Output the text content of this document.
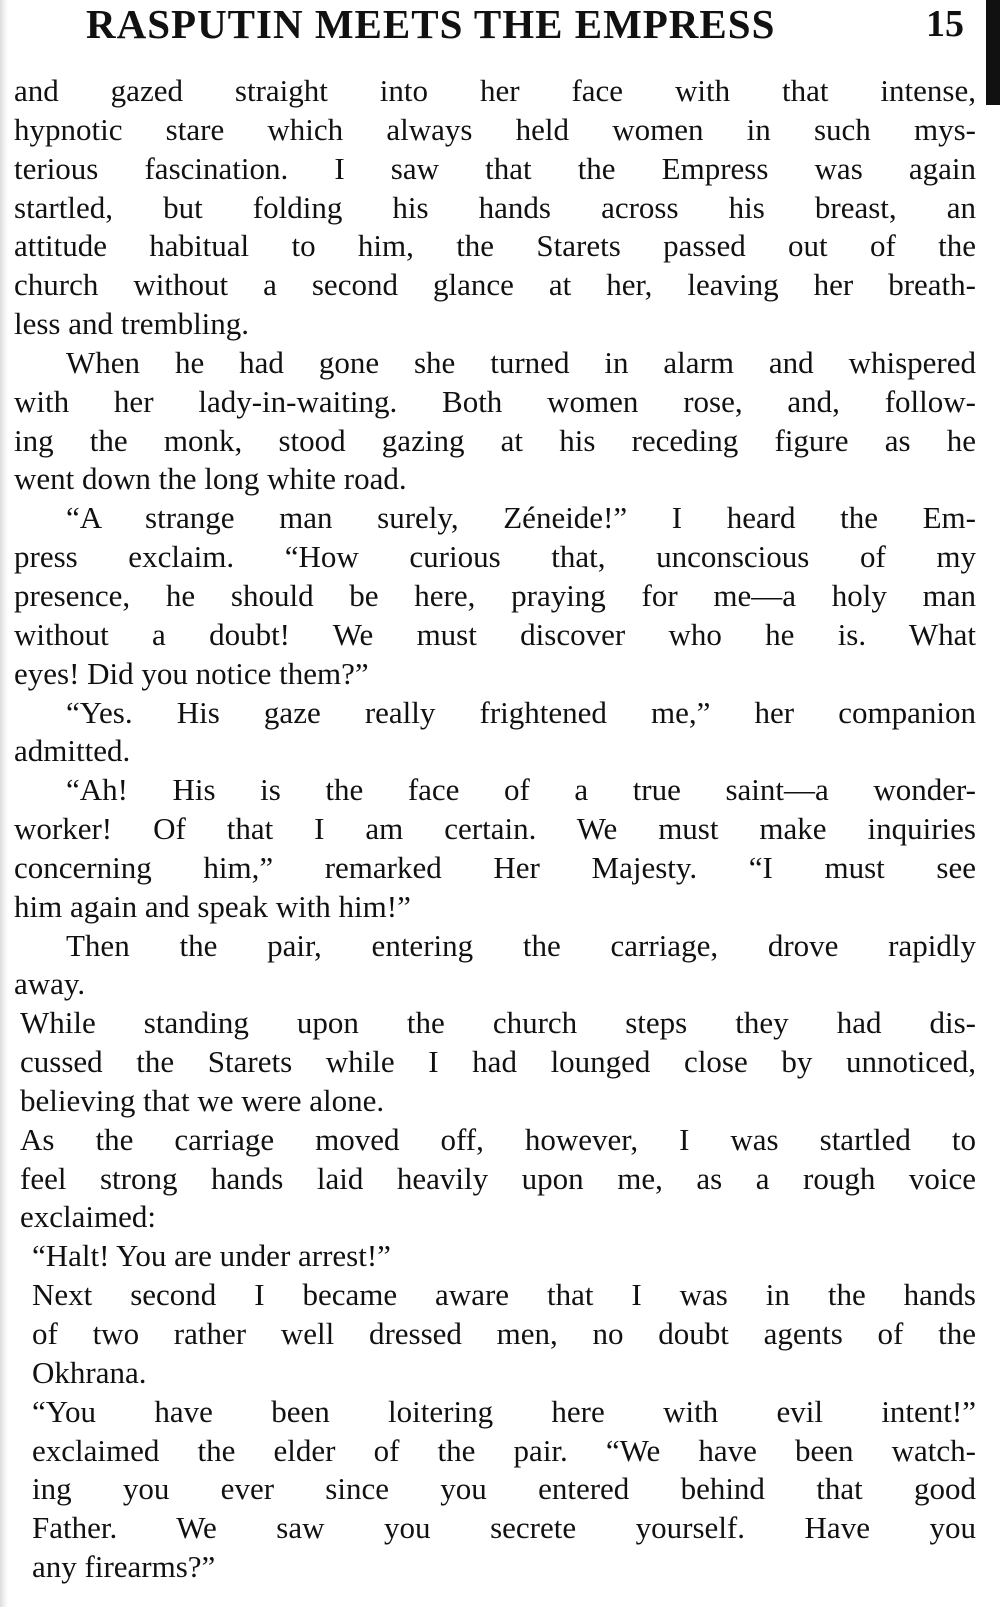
RASPUTIN MEETS THE EMPRESS	15
and gazed straight into her face with that intense,
hypnotic stare which always held women in such mys-
terious fascination. I saw that the Empress was again
startled, but folding his hands across his breast, an
attitude habitual to him, the Starets passed out of the
church without a second glance at her, leaving her breath-
less and trembling.
When he had gone she turned in alarm and whispered
with her lady-in-waiting. Both women rose, and, follow-
ing the monk, stood gazing at his receding figure as he
went down the long white road.
“A strange man surely, Zéneide!” I heard the Em-
press exclaim. “How curious that, unconscious of my
presence, he should be here, praying for me—a holy man
without a doubt! We must discover who he is. What
eyes! Did you notice them?”
“Yes. His gaze really frightened me,” her companion
admitted.
“Ah! His is the face of a true saint—a wonder-
worker! Of that I am certain. We must make inquiries
concerning him,” remarked Her Majesty. “I must see
him again and speak with him!”
Then the pair, entering the carriage, drove rapidly
away.
While standing upon the church steps they had dis-
cussed the Starets while I had lounged close by unnoticed,
believing that we were alone.
As the carriage moved off, however, I was startled to
feel strong hands laid heavily upon me, as a rough voice
exclaimed:
“Halt! You are under arrest!”
Next second I became aware that I was in the hands
of two rather well dressed men, no doubt agents of the
Okhrana.
“You have been loitering here with evil intent!”
exclaimed the elder of the pair. “We have been watch-
ing you ever since you entered behind that good
Father. We saw you secrete yourself. Have you
any firearms?”
